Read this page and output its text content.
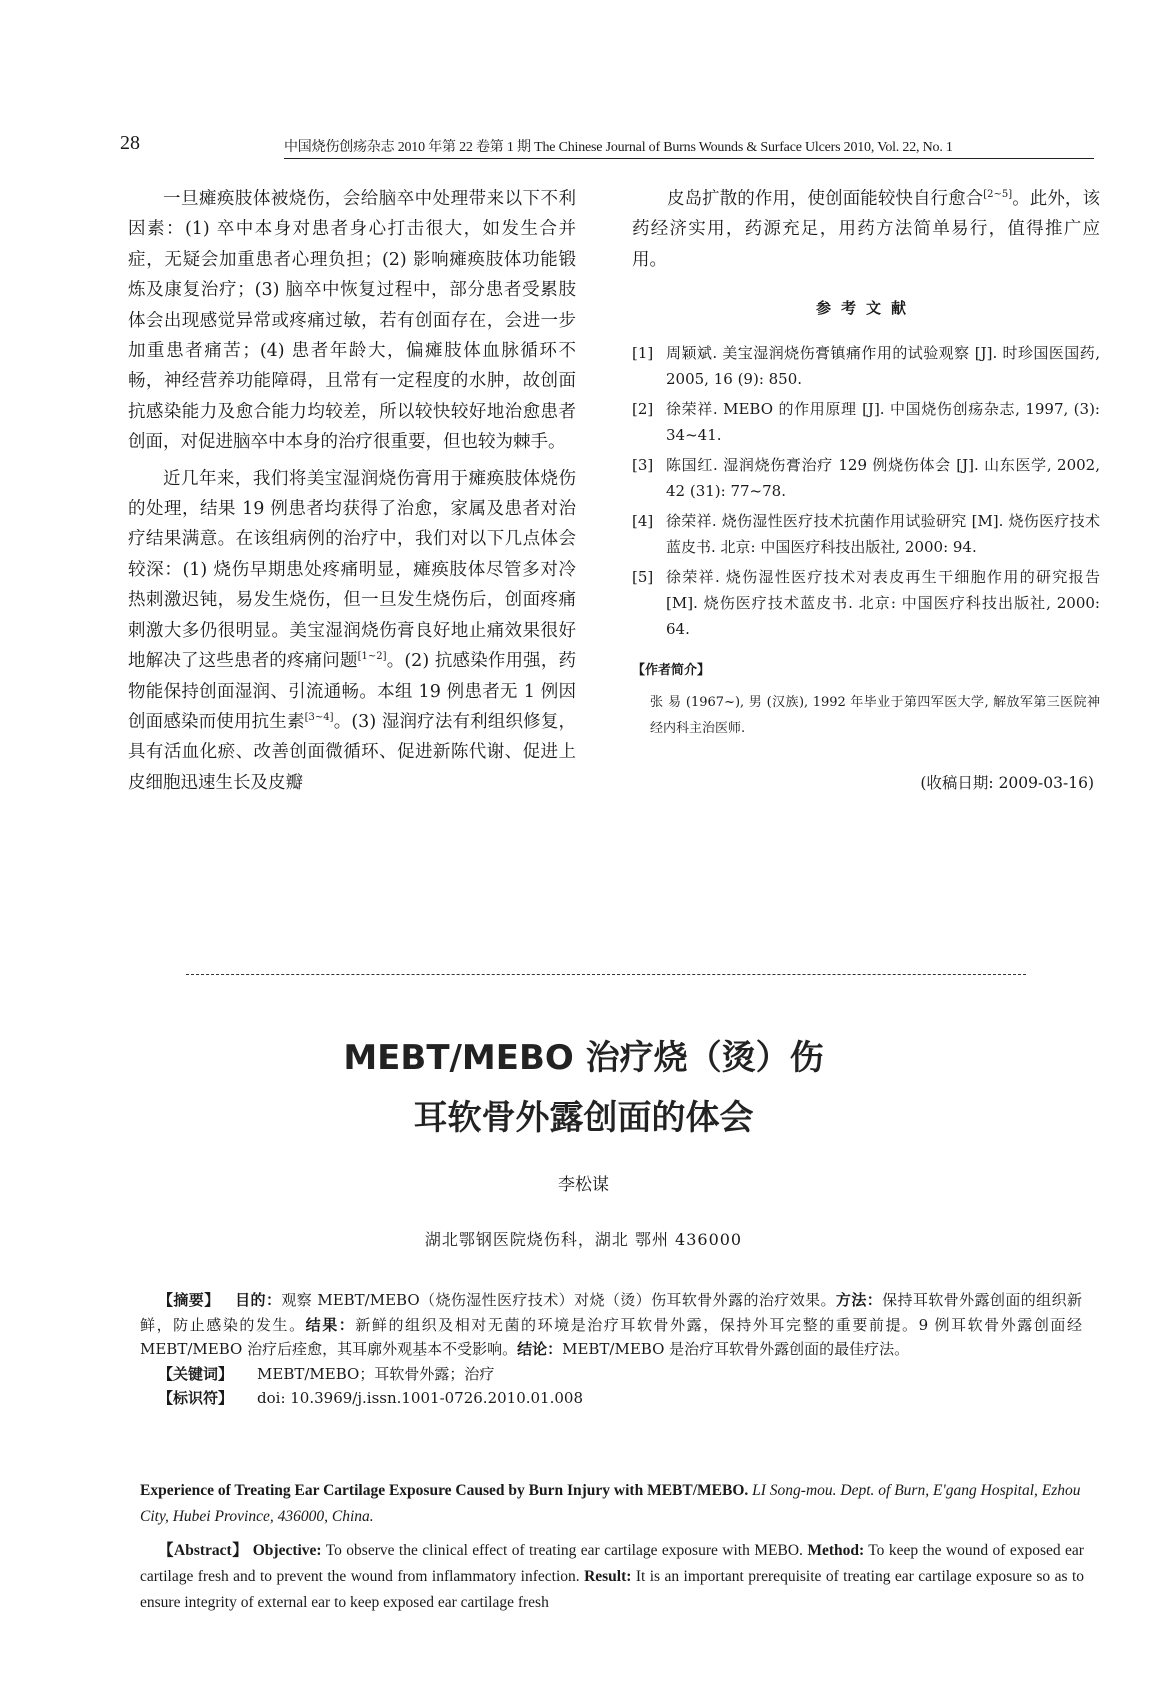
28	中国烧伤创疡杂志 2010 年第 22 卷第 1 期 The Chinese Journal of Burns Wounds & Surface Ulcers 2010, Vol. 22, No. 1

一旦瘫痪肢体被烧伤，会给脑卒中处理带来以下不利因素：(1) 卒中本身对患者身心打击很大，如发生合并症，无疑会加重患者心理负担；(2) 影响瘫痪肢体功能锻炼及康复治疗；(3) 脑卒中恢复过程中，部分患者受累肢体会出现感觉异常或疼痛过敏，若有创面存在，会进一步加重患者痛苦；(4) 患者年龄大，偏瘫肢体血脉循环不畅，神经营养功能障碍，且常有一定程度的水肿，故创面抗感染能力及愈合能力均较差，所以较快较好地治愈患者创面，对促进脑卒中本身的治疗很重要，但也较为棘手。

近几年来，我们将美宝湿润烧伤膏用于瘫痪肢体烧伤的处理，结果 19 例患者均获得了治愈，家属及患者对治疗结果满意。在该组病例的治疗中，我们对以下几点体会较深：(1) 烧伤早期患处疼痛明显，瘫痪肢体尽管多对冷热刺激迟钝，易发生烧伤，但一旦发生烧伤后，创面疼痛刺激大多仍很明显。美宝湿润烧伤膏良好地止痛效果很好地解决了这些患者的疼痛问题[1~2]。(2) 抗感染作用强，药物能保持创面湿润、引流通畅。本组 19 例患者无 1 例因创面感染而使用抗生素[3~4]。(3) 湿润疗法有利组织修复，具有活血化瘀、改善创面微循环、促进新陈代谢、促进上皮细胞迅速生长及皮瓣

皮岛扩散的作用，使创面能较快自行愈合[2~5]。此外，该药经济实用，药源充足，用药方法简单易行，值得推广应用。

参考文献
[1] 周颖斌. 美宝湿润烧伤膏镇痛作用的试验观察 [J]. 时珍国医国药, 2005, 16 (9): 850.
[2] 徐荣祥. MEBO 的作用原理 [J]. 中国烧伤创疡杂志, 1997, (3): 34~41.
[3] 陈国红. 湿润烧伤膏治疗 129 例烧伤体会 [J]. 山东医学, 2002, 42 (31): 77~78.
[4] 徐荣祥. 烧伤湿性医疗技术抗菌作用试验研究 [M]. 烧伤医疗技术蓝皮书. 北京: 中国医疗科技出版社, 2000: 94.
[5] 徐荣祥. 烧伤湿性医疗技术对表皮再生干细胞作用的研究报告 [M]. 烧伤医疗技术蓝皮书. 北京: 中国医疗科技出版社, 2000: 64.
【作者简介】
张 易 (1967~), 男 (汉族), 1992 年毕业于第四军医大学, 解放军第三医院神经内科主治医师.
(收稿日期: 2009-03-16)
MEBT/MEBO 治疗烧（烫）伤
耳软骨外露创面的体会
李松谋
湖北鄂钢医院烧伤科，湖北 鄂州 436000
【摘要】 目的：观察 MEBT/MEBO（烧伤湿性医疗技术）对烧（烫）伤耳软骨外露的治疗效果。方法：保持耳软骨外露创面的组织新鲜，防止感染的发生。结果：新鲜的组织及相对无菌的环境是治疗耳软骨外露，保持外耳完整的重要前提。9 例耳软骨外露创面经 MEBT/MEBO 治疗后痊愈，其耳廓外观基本不受影响。结论：MEBT/MEBO 是治疗耳软骨外露创面的最佳疗法。
【关键词】 MEBT/MEBO；耳软骨外露；治疗
【标识符】 doi: 10.3969/j.issn.1001-0726.2010.01.008
Experience of Treating Ear Cartilage Exposure Caused by Burn Injury with MEBT/MEBO. LI Song-mou. Dept. of Burn, E'gang Hospital, Ezhou City, Hubei Province, 436000, China.
【Abstract】 Objective: To observe the clinical effect of treating ear cartilage exposure with MEBO. Method: To keep the wound of exposed ear cartilage fresh and to prevent the wound from inflammatory infection. Result: It is an important prerequisite of treating ear cartilage exposure so as to ensure integrity of external ear to keep exposed ear cartilage fresh
